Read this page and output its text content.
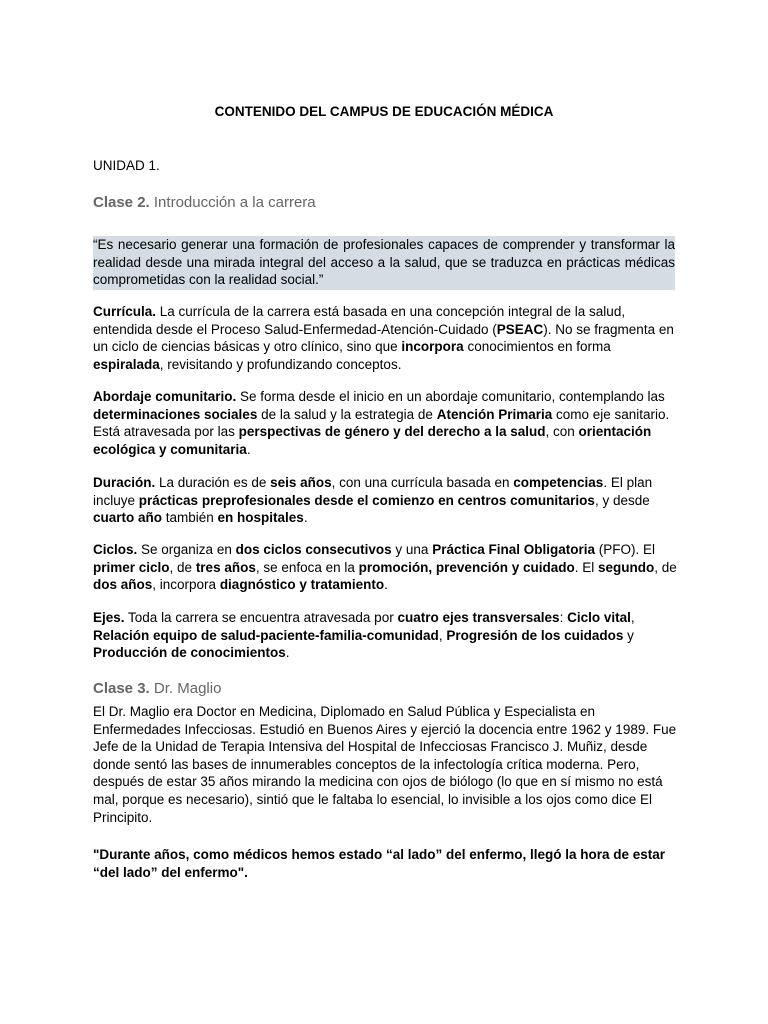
CONTENIDO DEL CAMPUS DE EDUCACIÓN MÉDICA
UNIDAD 1.
Clase 2. Introducción a la carrera
“Es necesario generar una formación de profesionales capaces de comprender y transformar la realidad desde una mirada integral del acceso a la salud, que se traduzca en prácticas médicas comprometidas con la realidad social.”
Currícula. La currícula de la carrera está basada en una concepción integral de la salud, entendida desde el Proceso Salud-Enfermedad-Atención-Cuidado (PSEAC). No se fragmenta en un ciclo de ciencias básicas y otro clínico, sino que incorpora conocimientos en forma espiralada, revisitando y profundizando conceptos.
Abordaje comunitario. Se forma desde el inicio en un abordaje comunitario, contemplando las determinaciones sociales de la salud y la estrategia de Atención Primaria como eje sanitario. Está atravesada por las perspectivas de género y del derecho a la salud, con orientación ecológica y comunitaria.
Duración. La duración es de seis años, con una currícula basada en competencias. El plan incluye prácticas preprofesionales desde el comienzo en centros comunitarios, y desde cuarto año también en hospitales.
Ciclos. Se organiza en dos ciclos consecutivos y una Práctica Final Obligatoria (PFO). El primer ciclo, de tres años, se enfoca en la promoción, prevención y cuidado. El segundo, de dos años, incorpora diagnóstico y tratamiento.
Ejes. Toda la carrera se encuentra atravesada por cuatro ejes transversales: Ciclo vital, Relación equipo de salud-paciente-familia-comunidad, Progresión de los cuidados y Producción de conocimientos.
Clase 3. Dr. Maglio
El Dr. Maglio era Doctor en Medicina, Diplomado en Salud Pública y Especialista en Enfermedades Infecciosas. Estudió en Buenos Aires y ejerció la docencia entre 1962 y 1989. Fue Jefe de la Unidad de Terapia Intensiva del Hospital de Infecciosas Francisco J. Muñiz, desde donde sentó las bases de innumerables conceptos de la infectología crítica moderna. Pero, después de estar 35 años mirando la medicina con ojos de biólogo (lo que en sí mismo no está mal, porque es necesario), sintió que le faltaba lo esencial, lo invisible a los ojos como dice El Principito.
"Durante años, como médicos hemos estado “al lado” del enfermo, llegó la hora de estar “del lado” del enfermo".
